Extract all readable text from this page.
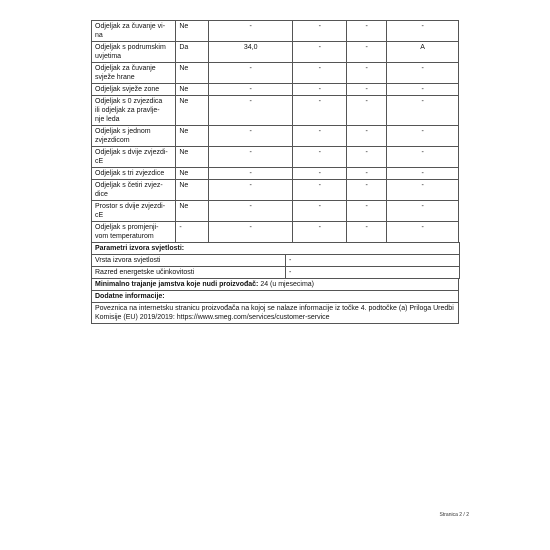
Odjeljak za čuvanje vi-
na	Ne	-	-	-	-
Odjeljak s podrumskim
uvjetima	Da	34,0	-	-	A
Odjeljak za čuvanje
svježe hrane	Ne	-	-	-	-
Odjeljak svježe zone	Ne	-	-	-	-
Odjeljak s 0 zvjezdica
ili odjeljak za pravlje-
nje leda	Ne	-	-	-	-
Odjeljak s jednom
zvjezdicom	Ne	-	-	-	-
Odjeljak s dvije zvjezdi-
cE	Ne	-	-	-	-
Odjeljak s tri zvjezdice	Ne	-	-	-	-
Odjeljak s četiri zvjez-
dice	Ne	-	-	-	-
Prostor s dvije zvjezdi-
cE	Ne	-	-	-	-
Odjeljak s promjenji-
vom temperaturom	-	-	-	-	-
Parametri izvora svjetlosti:	
Vrsta izvora svjetlosti	-
Razred energetske učinkovitosti	-
Minimalno trajanje jamstva koje nudi proizvođač: 24 (u mjesecima)
Dodatne informacije:
Poveznica na internetsku stranicu proizvođača na kojoj se nalaze informacije iz točke 4. podtočke (a) Priloga Uredbi Komisije (EU) 2019/2019: https://www.smeg.com/services/customer-service
Stranica 2 / 2
